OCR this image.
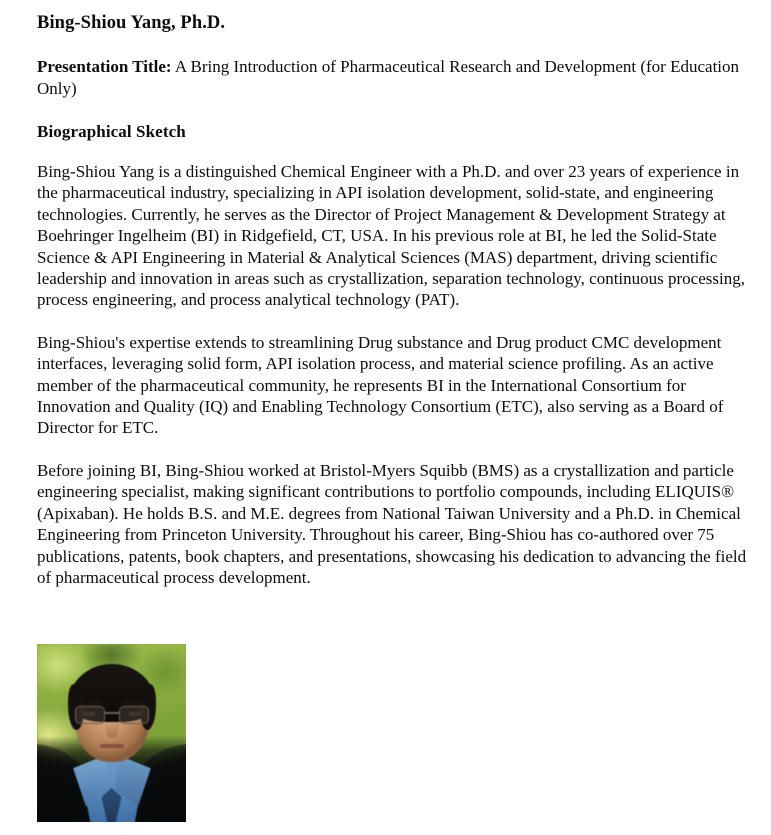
Bing-Shiou Yang, Ph.D.

Presentation Title: A Bring Introduction of Pharmaceutical Research and Development (for Education Only)

Biographical Sketch

Bing-Shiou Yang is a distinguished Chemical Engineer with a Ph.D. and over 23 years of experience in the pharmaceutical industry, specializing in API isolation development, solid-state, and engineering technologies. Currently, he serves as the Director of Project Management & Development Strategy at Boehringer Ingelheim (BI) in Ridgefield, CT, USA. In his previous role at BI, he led the Solid-State Science & API Engineering in Material & Analytical Sciences (MAS) department, driving scientific leadership and innovation in areas such as crystallization, separation technology, continuous processing, process engineering, and process analytical technology (PAT).

Bing-Shiou's expertise extends to streamlining Drug substance and Drug product CMC development interfaces, leveraging solid form, API isolation process, and material science profiling. As an active member of the pharmaceutical community, he represents BI in the International Consortium for Innovation and Quality (IQ) and Enabling Technology Consortium (ETC), also serving as a Board of Director for ETC.

Before joining BI, Bing-Shiou worked at Bristol-Myers Squibb (BMS) as a crystallization and particle engineering specialist, making significant contributions to portfolio compounds, including ELIQUIS® (Apixaban). He holds B.S. and M.E. degrees from National Taiwan University and a Ph.D. in Chemical Engineering from Princeton University. Throughout his career, Bing-Shiou has co-authored over 75 publications, patents, book chapters, and presentations, showcasing his dedication to advancing the field of pharmaceutical process development.
